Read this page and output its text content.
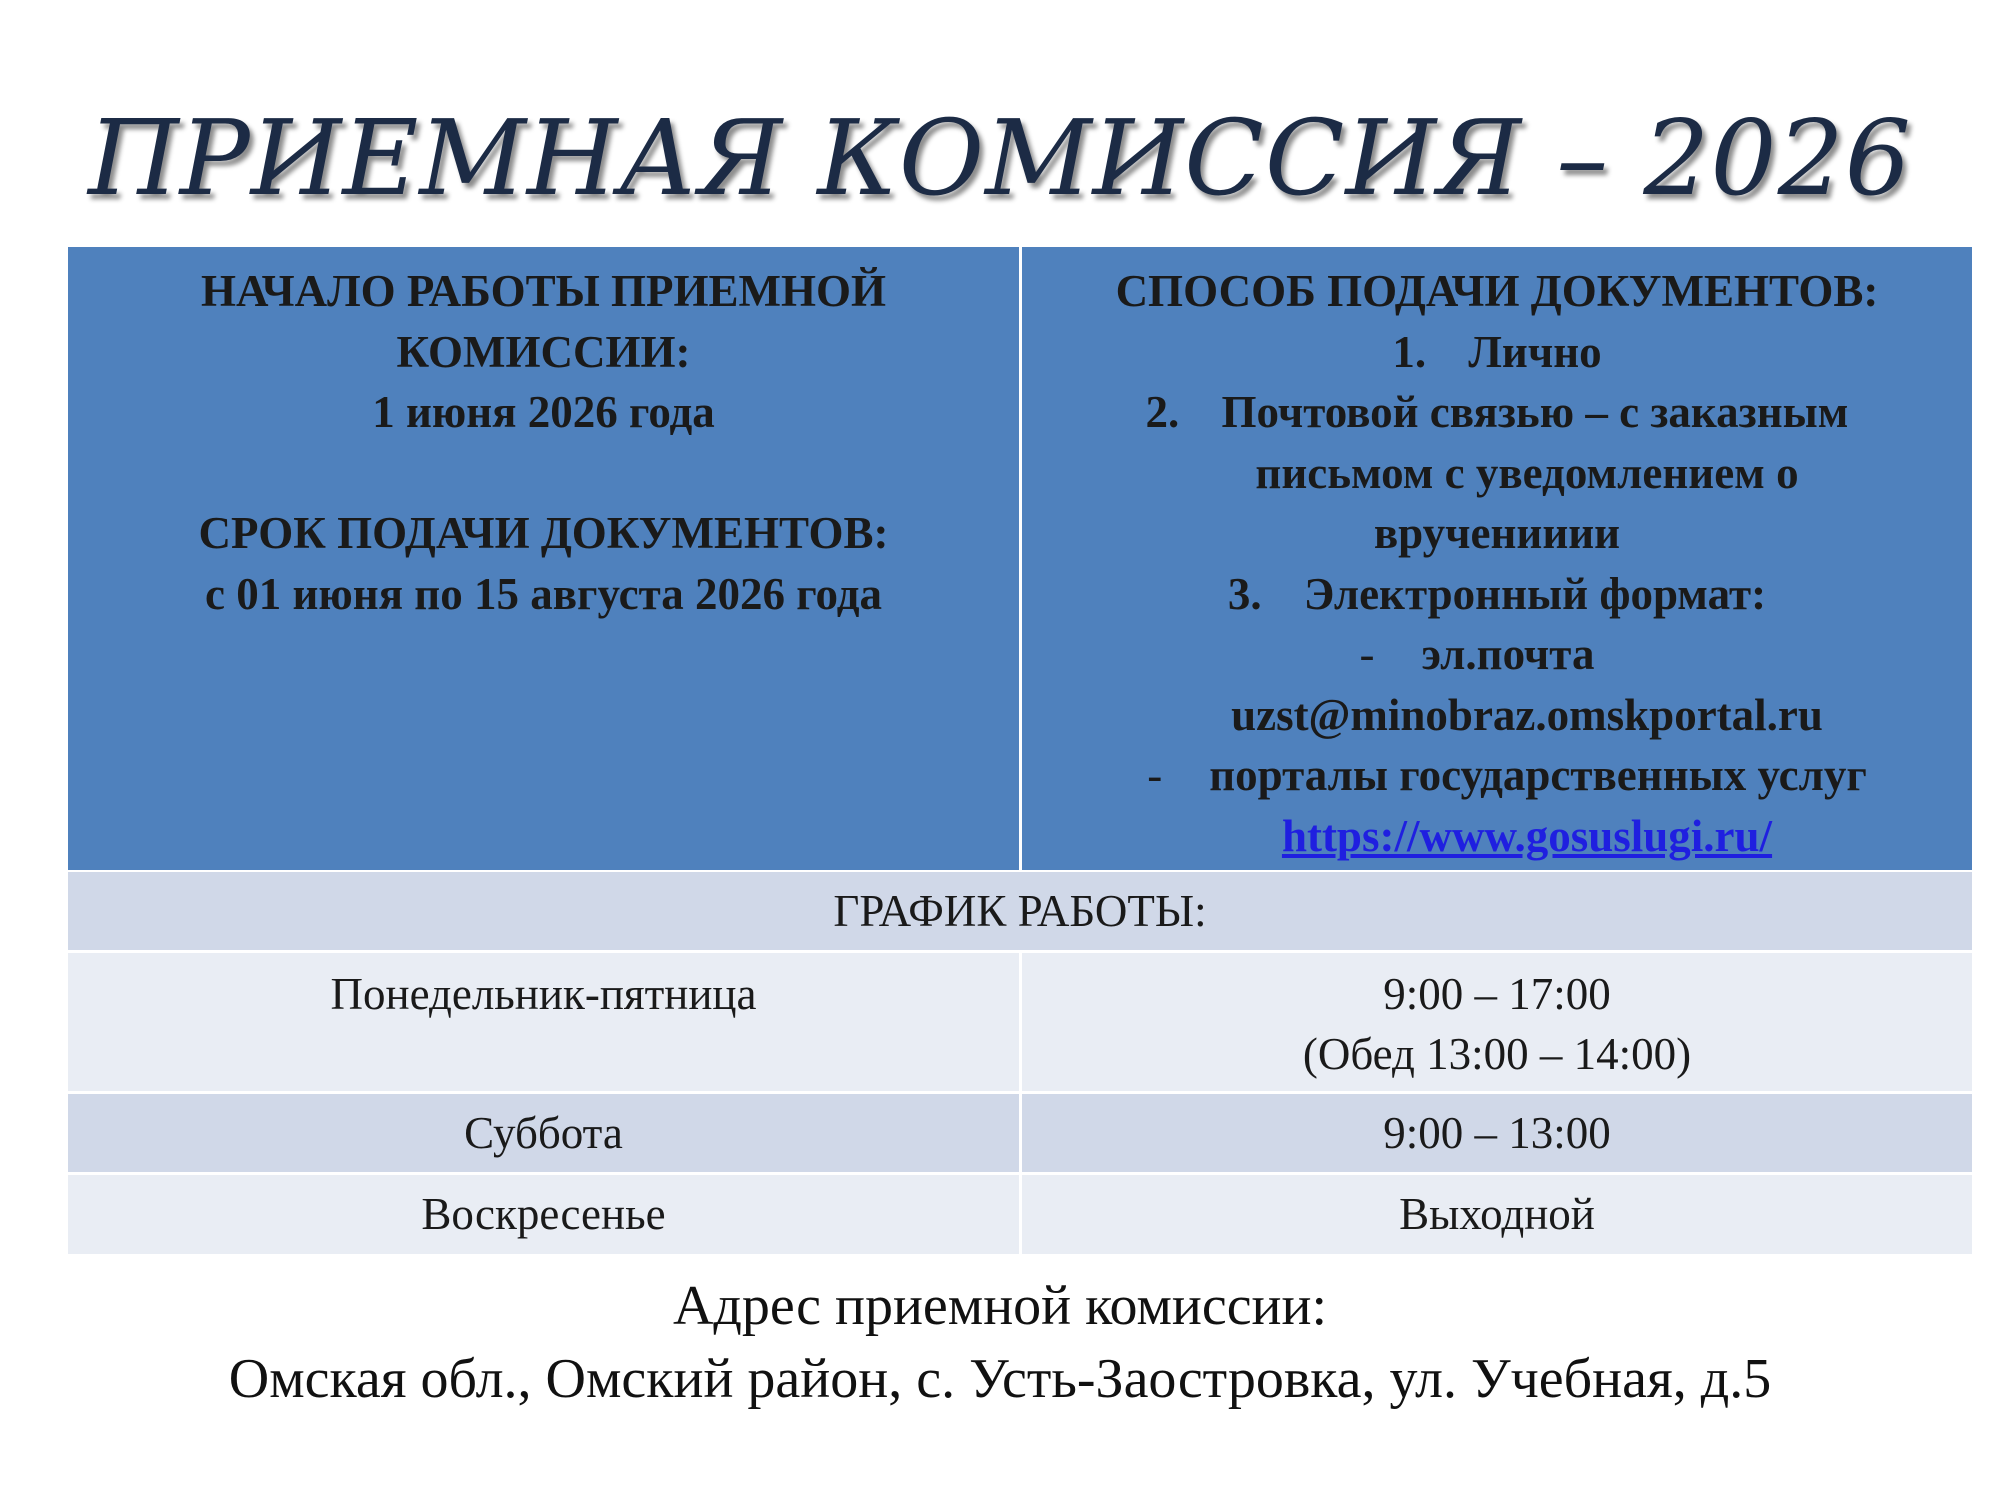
ПРИЕМНАЯ КОМИССИЯ – 2026
НАЧАЛО РАБОТЫ ПРИЕМНОЙ
КОМИССИИ:
1 июня 2026 года
СРОК ПОДАЧИ ДОКУМЕНТОВ:
с 01 июня по 15 августа 2026 года
СПОСОБ ПОДАЧИ ДОКУМЕНТОВ:
1. Лично
2. Почтовой связью – с заказным
письмом с уведомлением о
врученииии
3. Электронный формат:
- эл.почта
uzst@minobraz.omskportal.ru
- порталы государственных услуг
https://www.gosuslugi.ru/
ГРАФИК РАБОТЫ:
Понедельник-пятница	9:00 – 17:00
(Обед 13:00 – 14:00)
Суббота	9:00 – 13:00
Воскресенье	Выходной
Адрес приемной комиссии:
Омская обл., Омский район, с. Усть-Заостровка, ул. Учебная, д.5
